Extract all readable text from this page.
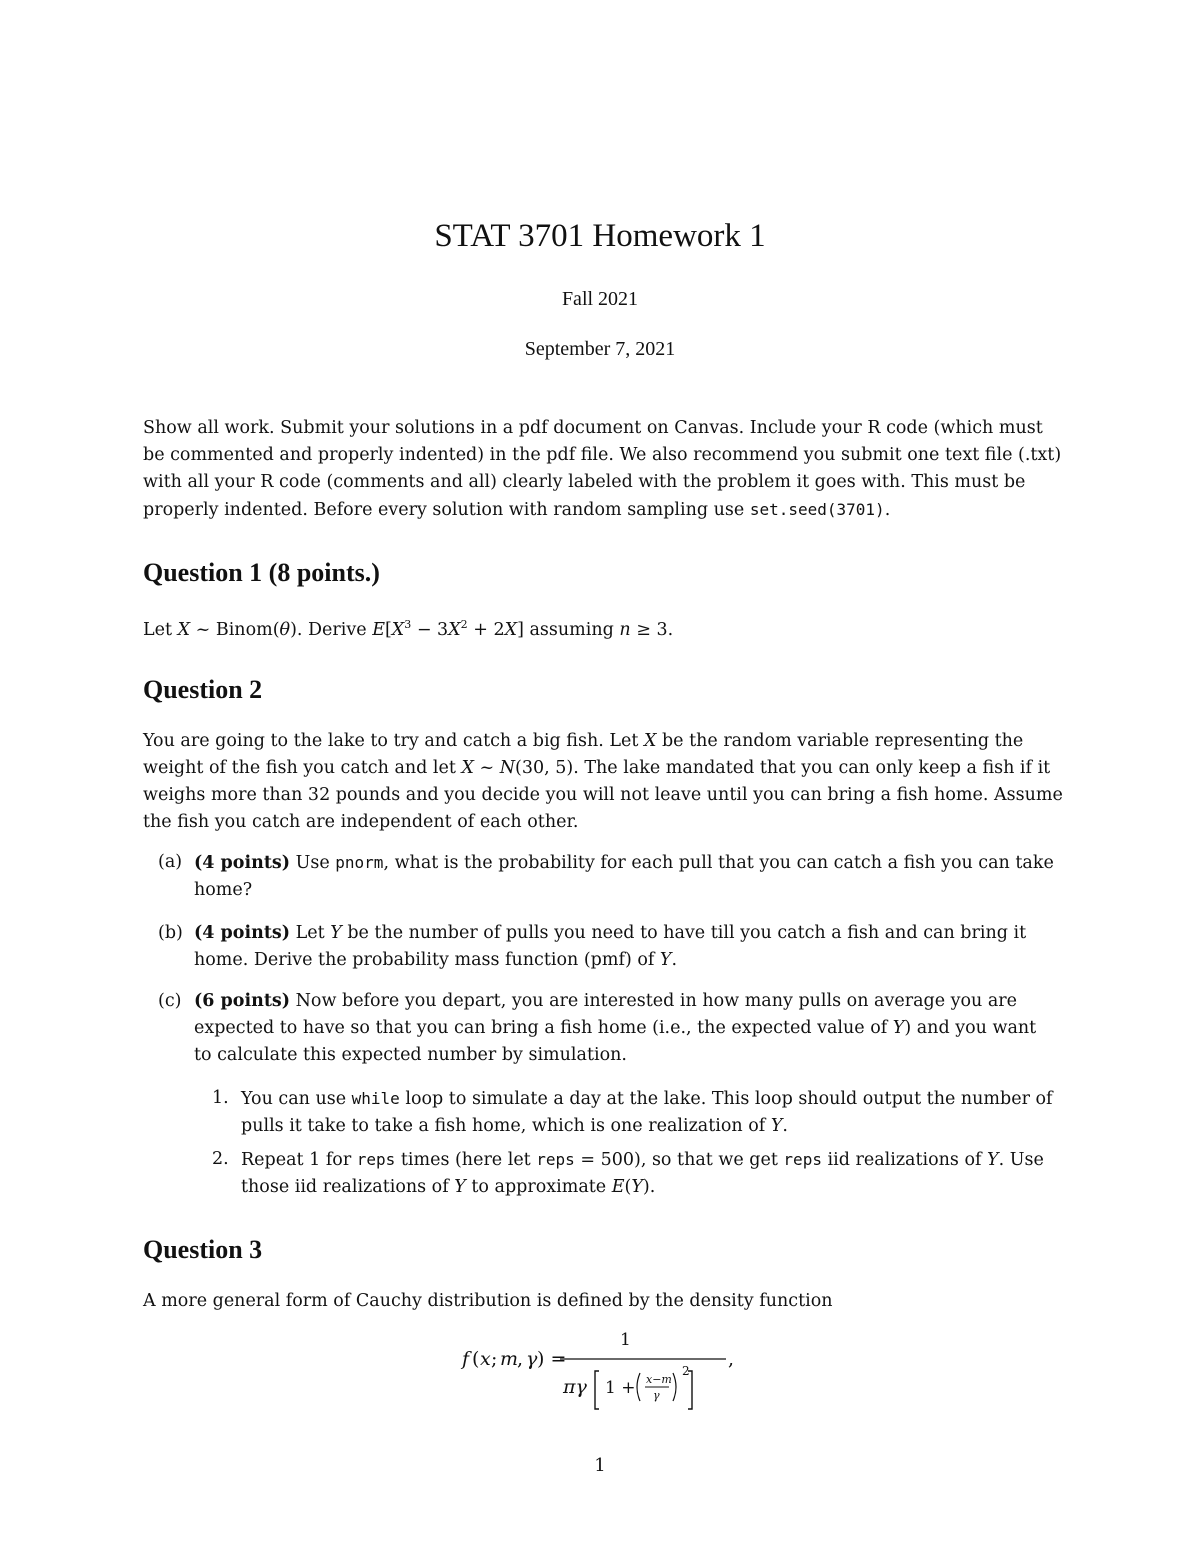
STAT 3701 Homework 1
Fall 2021
September 7, 2021
Show all work. Submit your solutions in a pdf document on Canvas. Include your R code (which must be commented and properly indented) in the pdf file. We also recommend you submit one text file (.txt) with all your R code (comments and all) clearly labeled with the problem it goes with. This must be properly indented. Before every solution with random sampling use set.seed(3701).
Question 1 (8 points.)
Let X ~ Binom(θ). Derive $E[X^3 - 3X^2 + 2X]$ assuming n ≥ 3.
Question 2
You are going to the lake to try and catch a big fish. Let X be the random variable representing the weight of the fish you catch and let X ~ N(30, 5). The lake mandated that you can only keep a fish if it weighs more than 32 pounds and you decide you will not leave until you can bring a fish home. Assume the fish you catch are independent of each other.
(a) (4 points) Use pnorm, what is the probability for each pull that you can catch a fish you can take home?
(b) (4 points) Let Y be the number of pulls you need to have till you catch a fish and can bring it home. Derive the probability mass function (pmf) of Y.
(c) (6 points) Now before you depart, you are interested in how many pulls on average you are expected to have so that you can bring a fish home (i.e., the expected value of Y) and you want to calculate this expected number by simulation.
1. You can use while loop to simulate a day at the lake. This loop should output the number of pulls it take to take a fish home, which is one realization of Y.
2. Repeat 1 for reps times (here let reps = 500), so that we get reps iid realizations of Y. Use those iid realizations of Y to approximate E(Y).
Question 3
A more general form of Cauchy distribution is defined by the density function
f ( x ; m
, γ ) =
1
,
πγ 1 + x−m
γ
2
1
